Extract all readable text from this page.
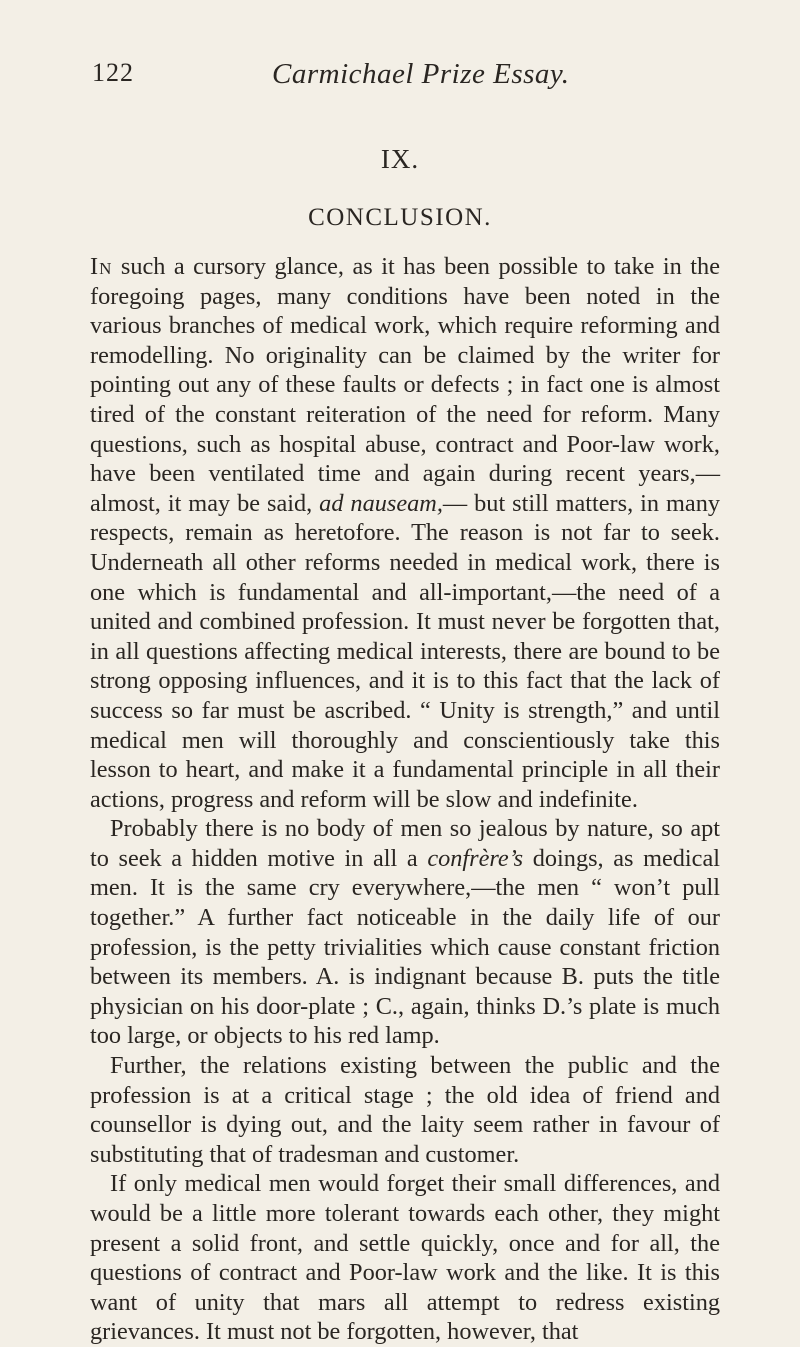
122	Carmichael Prize Essay.
IX.
CONCLUSION.

In such a cursory glance, as it has been possible to take in the foregoing pages, many conditions have been noted in the various branches of medical work, which require reforming and remodelling. No originality can be claimed by the writer for pointing out any of these faults or defects ; in fact one is almost tired of the constant reiteration of the need for reform. Many questions, such as hospital abuse, contract and Poor-law work, have been ventilated time and again during recent years,—almost, it may be said, ad nauseam,— but still matters, in many respects, remain as heretofore. The reason is not far to seek. Underneath all other reforms needed in medical work, there is one which is fundamental and all-important,—the need of a united and combined profession. It must never be forgotten that, in all questions affecting medical interests, there are bound to be strong opposing influences, and it is to this fact that the lack of success so far must be ascribed. “ Unity is strength,” and until medical men will thoroughly and conscientiously take this lesson to heart, and make it a fundamental principle in all their actions, progress and reform will be slow and indefinite.

Probably there is no body of men so jealous by nature, so apt to seek a hidden motive in all a confrère’s doings, as medical men. It is the same cry everywhere,—the men “ won’t pull together.” A further fact noticeable in the daily life of our profession, is the petty trivialities which cause constant friction between its members. A. is indignant because B. puts the title physician on his door-plate ; C., again, thinks D.’s plate is much too large, or objects to his red lamp.

Further, the relations existing between the public and the profession is at a critical stage ; the old idea of friend and counsellor is dying out, and the laity seem rather in favour of substituting that of tradesman and customer.

If only medical men would forget their small differences, and would be a little more tolerant towards each other, they might present a solid front, and settle quickly, once and for all, the questions of contract and Poor-law work and the like. It is this want of unity that mars all attempt to redress existing grievances. It must not be forgotten, however, that
